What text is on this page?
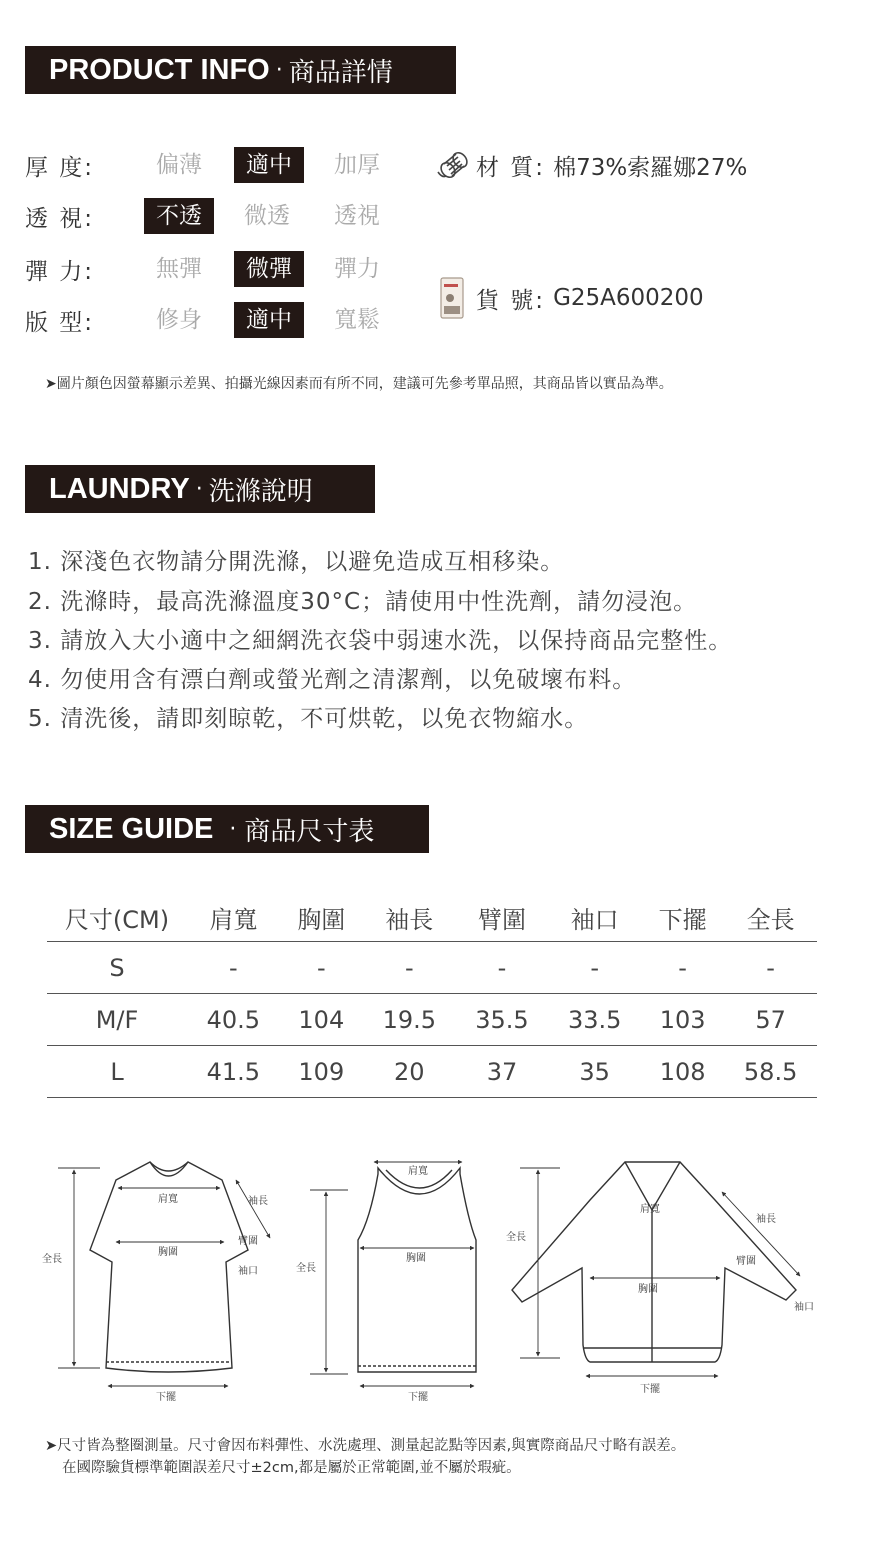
PRODUCT INFO · 商品詳情
厚 度:	偏薄	適中	加厚
透 視:	不透	微透	透視
彈 力:	無彈	微彈	彈力
版 型:	修身	適中	寬鬆
材 質: 棉73%索羅娜27%
貨 號: G25A600200
➤圖片顏色因螢幕顯示差異、拍攝光線因素而有所不同，建議可先參考單品照，其商品皆以實品為準。
LAUNDRY · 洗滌說明
1. 深淺色衣物請分開洗滌，以避免造成互相移染。
2. 洗滌時，最高洗滌溫度30°C；請使用中性洗劑，請勿浸泡。
3. 請放入大小適中之細網洗衣袋中弱速水洗，以保持商品完整性。
4. 勿使用含有漂白劑或螢光劑之清潔劑，以免破壞布料。
5. 清洗後，請即刻晾乾，不可烘乾，以免衣物縮水。
SIZE GUIDE · 商品尺寸表
尺寸(CM)	肩寬	胸圍	袖長	臂圍	袖口	下擺	全長
S	-	-	-	-	-	-	-
M/F	40.5	104	19.5	35.5	33.5	103	57
L	41.5	109	20	37	35	108	58.5
肩寬
胸圍
袖長
臂圍
袖口
全長
下擺
肩寬
全長
胸圍
下擺
肩寬
全長
胸圍
袖長
臂圍
袖口
下擺
➤尺寸皆為整圈測量。尺寸會因布料彈性、水洗處理、測量起訖點等因素,與實際商品尺寸略有誤差。
在國際驗貨標準範圍誤差尺寸±2cm,都是屬於正常範圍,並不屬於瑕疵。
